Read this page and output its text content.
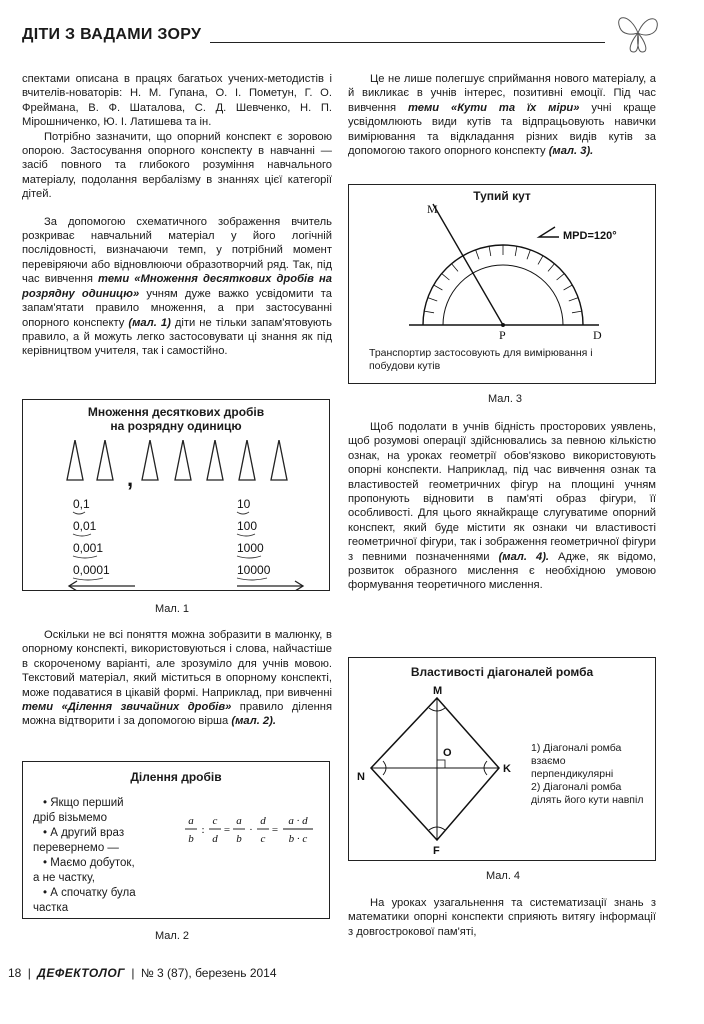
ДІТИ З ВАДАМИ ЗОРУ

спектами описана в працях багатьох учених-методистів і вчителів-новаторів: Н. М. Гупана, О. І. Пометун, Г. О. Фреймана, В. Ф. Шаталова, С. Д. Шевченко, Н. П. Мірошниченко, Ю. І. Латишева та ін.

Потрібно зазначити, що опорний конспект є зоровою опорою. Застосування опорного конспекту в навчанні — засіб повного та глибокого розуміння навчального матеріалу, подолання вербалізму в знаннях цієї категорії дітей.

За допомогою схематичного зображення вчитель розкриває навчальний матеріал у його логічній послідовності, визначаючи темп, у потрібний момент перевіряючи або відновлюючи образотворчий ряд. Так, під час вивчення теми «Множення десяткових дробів на розрядну одиницю» учням дуже важко усвідомити та запам'ятати правило множення, а при застосуванні опорного конспекту (мал. 1) діти не тільки запам'ятовують правило, а й можуть легко застосовувати ці знання як під керівництвом учителя, так і самостійно.

Множення десяткових дробів
на розрядну одиницю
,
0,1	10
0,01	100
0,001	1000
0,0001	10000
Мал. 1

Оскільки не всі поняття можна зобразити в малюнку, в опорному конспекті, використовуються і слова, найчастіше в скороченому варіанті, але зрозуміло для учнів мовою. Текстовий матеріал, який міститься в опорному конспекті, може подаватися в цікавій формі. Наприклад, при вивченні теми «Ділення звичайних дробів» правило ділення можна відтворити і за допомогою вірша (мал. 2).

Ділення дробів
• Якщо перший
дріб візьмемо
• А другий враз
перевернемо —
• Маємо добуток,
а не частку,
• А спочатку була
частка
a
b
:
c
d
=
a
b
·
d
c
=
a · d
b · c
Мал. 2

Це не лише полегшує сприймання нового матеріалу, а й викликає в учнів інтерес, позитивні емоції. Під час вивчення теми «Кути та їх міри» учні краще усвідомлюють види кутів та відпрацьовують навички вимірювання та відкладання різних видів кутів за допомогою такого опорного конспекту (мал. 3).

Тупий кут
M
P	D
MPD=120°
Транспортир застосовують для вимірювання і побудови кутів
Мал. 3

Щоб подолати в учнів бідність просторових уявлень, щоб розумові операції здійснювались за певною кількістю ознак, на уроках геометрії обов'язково використовують опорні конспекти. Наприклад, під час вивчення ознак та властивостей геометричних фігур на площині учням пропонують відновити в пам'яті образ фігури, її особливості. Для цього якнайкраще слугуватиме опорний конспект, який буде містити як ознаки чи властивості геометричної фігури, так і зображення геометричної фігури з певними позначеннями (мал. 4). Адже, як відомо, розвиток образного мислення є необхідною умовою формування теоретичного мислення.

Властивості діагоналей ромба
M
N
K
F
O	1) Діагоналі ромба взаємо перпендикулярні
2) Діагоналі ромба ділять його кути навпіл
Мал. 4

На уроках узагальнення та систематизації знань з математики опорні конспекти сприяють витягу інформації з довгострокової пам'яті,

18 | ДЕФЕКТОЛОГ | № 3 (87), березень 2014
